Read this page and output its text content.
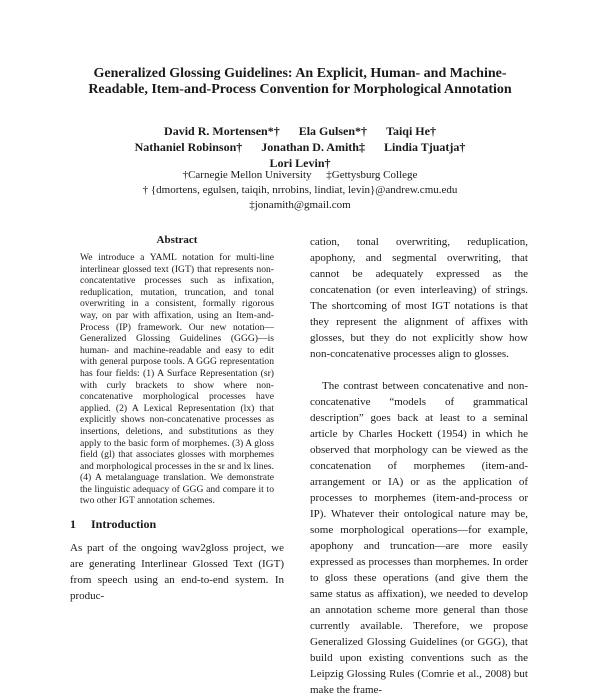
Generalized Glossing Guidelines: An Explicit, Human- and Machine-Readable, Item-and-Process Convention for Morphological Annotation
David R. Mortensen*† Ela Gulsen*† Taiqi He†
Nathaniel Robinson† Jonathan D. Amith‡ Lindia Tjuatja†
Lori Levin†
†Carnegie Mellon University ‡Gettysburg College
† {dmortens, egulsen, taiqih, nrrobins, lindiat, levin}@andrew.cmu.edu
‡jonamith@gmail.com
Abstract
We introduce a YAML notation for multi-line interlinear glossed text (IGT) that represents non-concatentative processes such as infixation, reduplication, mutation, truncation, and tonal overwriting in a consistent, formally rigorous way, on par with affixation, using an Item-and-Process (IP) framework. Our new notation—Generalized Glossing Guidelines (GGG)—is human- and machine-readable and easy to edit with general purpose tools. A GGG representation has four fields: (1) A Surface Representation (sr) with curly brackets to show where non-concatenative morphological processes have applied. (2) A Lexical Representation (lx) that explicitly shows non-concatenative processes as insertions, deletions, and substitutions as they apply to the basic form of morphemes. (3) A gloss field (gl) that associates glosses with morphemes and morphological processes in the sr and lx lines. (4) A metalanguage translation. We demonstrate the linguistic adequacy of GGG and compare it to two other IGT annotation schemes.
1 Introduction
As part of the ongoing wav2gloss project, we are generating Interlinear Glossed Text (IGT) from speech using an end-to-end system. In produc-

cation, tonal overwriting, reduplication, apophony, and segmental overwriting, that cannot be adequately expressed as the concatenation (or even interleaving) of strings. The shortcoming of most IGT notations is that they represent the alignment of affixes with glosses, but they do not explicitly show how non-concatenative processes align to glosses.

The contrast between concatenative and non-concatenative “models of grammatical description” goes back at least to a seminal article by Charles Hockett (1954) in which he observed that morphology can be viewed as the concatenation of morphemes (item-and-arrangement or IA) or as the application of processes to morphemes (item-and-process or IP). Whatever their ontological nature may be, some morphological operations—for example, apophony and truncation—are more easily expressed as processes than morphemes. In order to gloss these operations (and give them the same status as affixation), we needed to develop an annotation scheme more general than those currently available. Therefore, we propose Generalized Glossing Guidelines (or GGG), that build upon existing conventions such as the Leipzig Glossing Rules (Comrie et al., 2008) but make the frame-
